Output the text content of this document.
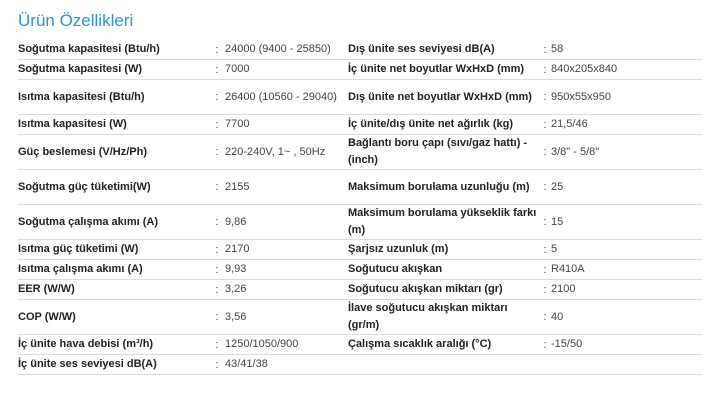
Ürün Özellikleri
Soğutma kapasitesi (Btu/h)	:	24000 (9400 - 25850)	Dış ünite ses seviyesi dB(A)	:	58
Soğutma kapasitesi (W)	:	7000	İç ünite net boyutlar WxHxD (mm)	:	840x205x840
Isıtma kapasitesi (Btu/h)	:	26400 (10560 - 29040)	Dış ünite net boyutlar WxHxD (mm)	:	950x55x950
Isıtma kapasitesi (W)	:	7700	İç ünite/dış ünite net ağırlık (kg)	:	21,5/46
Güç beslemesi (V/Hz/Ph)	:	220-240V, 1~ , 50Hz	Bağlantı boru çapı (sıvı/gaz hattı) -(inch)	:	3/8" - 5/8"
Soğutma güç tüketimi(W)	:	2155	Maksimum borulama uzunluğu (m)	:	25
Soğutma çalışma akımı (A)	:	9,86	Maksimum borulama yükseklik farkı (m)	:	15
Isıtma güç tüketimi (W)	:	2170	Şarjsız uzunluk (m)	:	5
Isıtma çalışma akımı (A)	:	9,93	Soğutucu akışkan	:	R410A
EER (W/W)	:	3,26	Soğutucu akışkan miktarı (gr)	:	2100
COP (W/W)	:	3,56	İlave soğutucu akışkan miktarı (gr/m)	:	40
İç ünite hava debisi (m³/h)	:	1250/1050/900	Çalışma sıcaklık aralığı (°C)	:	-15/50
İç ünite ses seviyesi dB(A)	:	43/41/38			
